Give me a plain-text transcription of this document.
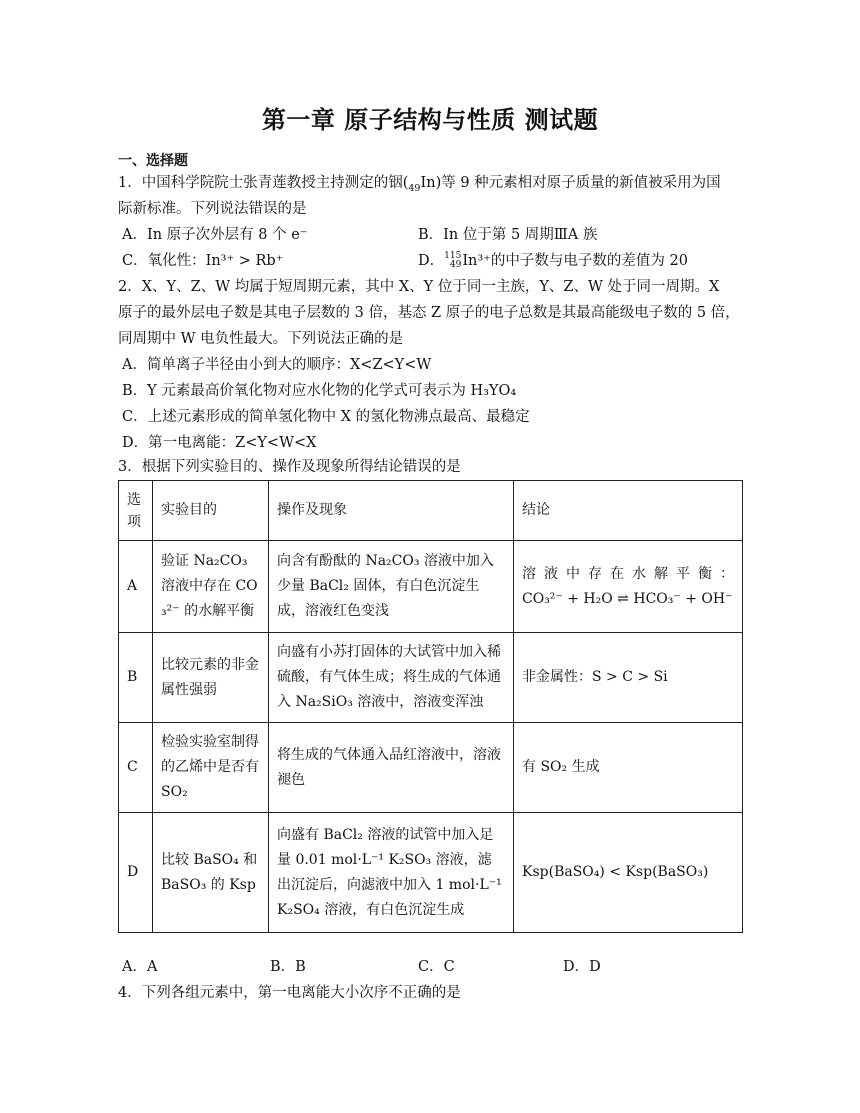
第一章 原子结构与性质 测试题
一、选择题
1．中国科学院院士张青莲教授主持测定的铟$(_{49}In)$等 9 种元素相对原子质量的新值被采用为国
际新标准。下列说法错误的是
A．In 原子次外层有 8 个 e⁻	B．In 位于第 5 周期ⅢA 族
C．氧化性：In³⁺ > Rb⁺	D．115
49In³⁺的中子数与电子数的差值为 20
2．X、Y、Z、W 均属于短周期元素，其中 X、Y 位于同一主族，Y、Z、W 处于同一周期。X
原子的最外层电子数是其电子层数的 3 倍，基态 Z 原子的电子总数是其最高能级电子数的 5 倍，
同周期中 W 电负性最大。下列说法正确的是
A．简单离子半径由小到大的顺序：X<Z<Y<W
B．Y 元素最高价氧化物对应水化物的化学式可表示为 H₃YO₄
C．上述元素形成的简单氢化物中 X 的氢化物沸点最高、最稳定
D．第一电离能：Z<Y<W<X
3．根据下列实验目的、操作及现象所得结论错误的是
选项	实验目的	操作及现象	结论
A	验证 Na₂CO₃ 溶液中存在 CO₃²⁻ 的水解平衡	向含有酚酞的 Na₂CO₃ 溶液中加入少量 BaCl₂ 固体，有白色沉淀生成，溶液红色变浅	溶液中存在水解平衡：
CO₃²⁻ + H₂O ⇌ HCO₃⁻ + OH⁻
B	比较元素的非金属性强弱	向盛有小苏打固体的大试管中加入稀硫酸，有气体生成；将生成的气体通入 Na₂SiO₃ 溶液中，溶液变浑浊	非金属性：S > C > Si
C	检验实验室制得的乙烯中是否有 SO₂	将生成的气体通入品红溶液中，溶液褪色	有 SO₂ 生成
D	比较 BaSO₄ 和 BaSO₃ 的 Ksp	向盛有 BaCl₂ 溶液的试管中加入足量 0.01 mol·L⁻¹ K₂SO₃ 溶液，滤出沉淀后，向滤液中加入 1 mol·L⁻¹ K₂SO₄ 溶液，有白色沉淀生成	Ksp(BaSO₄) < Ksp(BaSO₃)
A．A	B．B	C．C	D．D
4．下列各组元素中，第一电离能大小次序不正确的是
